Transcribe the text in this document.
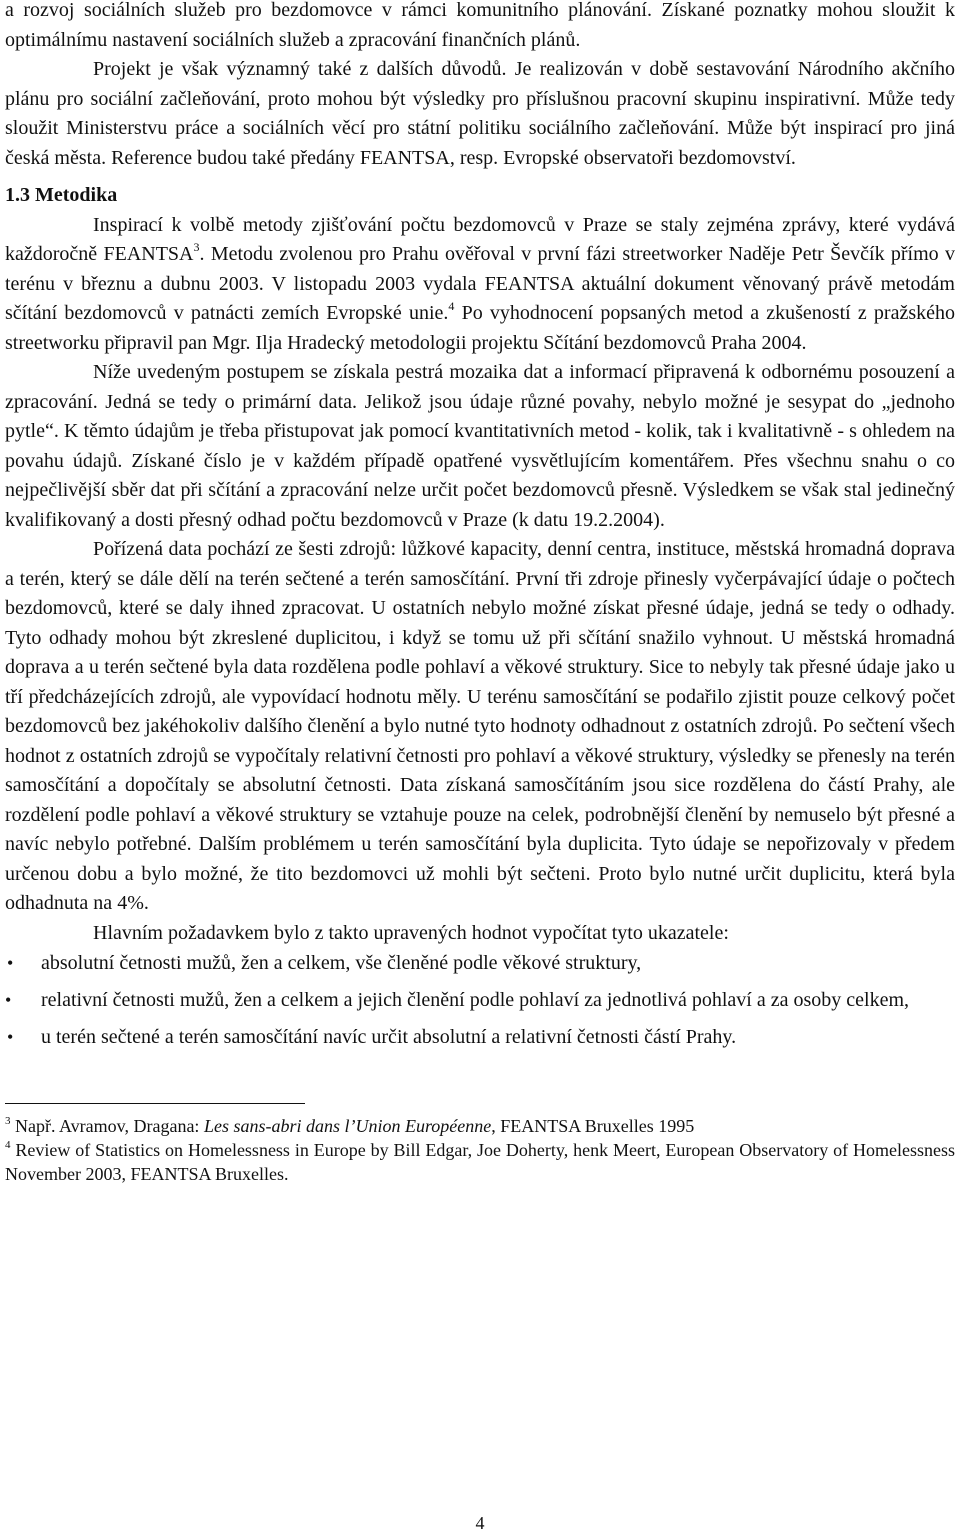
a rozvoj sociálních služeb pro bezdomovce v rámci komunitního plánování. Získané poznatky mohou sloužit k optimálnímu nastavení sociálních služeb a zpracování finančních plánů.

Projekt je však významný také z dalších důvodů. Je realizován v době sestavování Národního akčního plánu pro sociální začleňování, proto mohou být výsledky pro příslušnou pracovní skupinu inspirativní. Může tedy sloužit Ministerstvu práce a sociálních věcí pro státní politiku sociálního začleňování. Může být inspirací pro jiná česká města. Reference budou také předány FEANTSA, resp. Evropské observatoři bezdomovství.

1.3 Metodika

Inspirací k volbě metody zjišťování počtu bezdomovců v Praze se staly zejména zprávy, které vydává každoročně FEANTSA$^3$. Metodu zvolenou pro Prahu ověřoval v první fázi streetworker Naděje Petr Ševčík přímo v terénu v březnu a dubnu 2003. V listopadu 2003 vydala FEANTSA aktuální dokument věnovaný právě metodám sčítání bezdomovců v patnácti zemích Evropské unie.$^4$ Po vyhodnocení popsaných metod a zkušeností z pražského streetworku připravil pan Mgr. Ilja Hradecký metodologii projektu Sčítání bezdomovců Praha 2004.

Níže uvedeným postupem se získala pestrá mozaika dat a informací připravená k odbornému posouzení a zpracování. Jedná se tedy o primární data. Jelikož jsou údaje různé povahy, nebylo možné je sesypat do „jednoho pytle“. K těmto údajům je třeba přistupovat jak pomocí kvantitativních metod - kolik, tak i kvalitativně - s ohledem na povahu údajů. Získané číslo je v každém případě opatřené vysvětlujícím komentářem. Přes všechnu snahu o co nejpečlivější sběr dat při sčítání a zpracování nelze určit počet bezdomovců přesně. Výsledkem se však stal jedinečný kvalifikovaný a dosti přesný odhad počtu bezdomovců v Praze (k datu 19.2.2004).

Pořízená data pochází ze šesti zdrojů: lůžkové kapacity, denní centra, instituce, městská hromadná doprava a terén, který se dále dělí na terén sečtené a terén samosčítání. První tři zdroje přinesly vyčerpávající údaje o počtech bezdomovců, které se daly ihned zpracovat. U ostatních nebylo možné získat přesné údaje, jedná se tedy o odhady. Tyto odhady mohou být zkreslené duplicitou, i když se tomu už při sčítání snažilo vyhnout. U městská hromadná doprava a u terén sečtené byla data rozdělena podle pohlaví a věkové struktury. Sice to nebyly tak přesné údaje jako u tří předcházejících zdrojů, ale vypovídací hodnotu měly. U terénu samosčítání se podařilo zjistit pouze celkový počet bezdomovců bez jakéhokoliv dalšího členění a bylo nutné tyto hodnoty odhadnout z ostatních zdrojů. Po sečtení všech hodnot z ostatních zdrojů se vypočítaly relativní četnosti pro pohlaví a věkové struktury, výsledky se přenesly na terén samosčítání a dopočítaly se absolutní četnosti. Data získaná samosčítáním jsou sice rozdělena do částí Prahy, ale rozdělení podle pohlaví a věkové struktury se vztahuje pouze na celek, podrobnější členění by nemuselo být přesné a navíc nebylo potřebné. Dalším problémem u terén samosčítání byla duplicita. Tyto údaje se nepořizovaly v předem určenou dobu a bylo možné, že tito bezdomovci už mohli být sečteni. Proto bylo nutné určit duplicitu, která byla odhadnuta na 4%.

Hlavním požadavkem bylo z takto upravených hodnot vypočítat tyto ukazatele:

• absolutní četnosti mužů, žen a celkem, vše členěné podle věkové struktury,
• relativní četnosti mužů, žen a celkem a jejich členění podle pohlaví za jednotlivá pohlaví a za osoby celkem,
• u terén sečtené a terén samosčítání navíc určit absolutní a relativní četnosti částí Prahy.

$^3$ Např. Avramov, Dragana: Les sans-abri dans lʼUnion Européenne, FEANTSA Bruxelles 1995

$^4$ Review of Statistics on Homelessness in Europe by Bill Edgar, Joe Doherty, henk Meert, European Observatory of Homelessness November 2003, FEANTSA Bruxelles.

4
